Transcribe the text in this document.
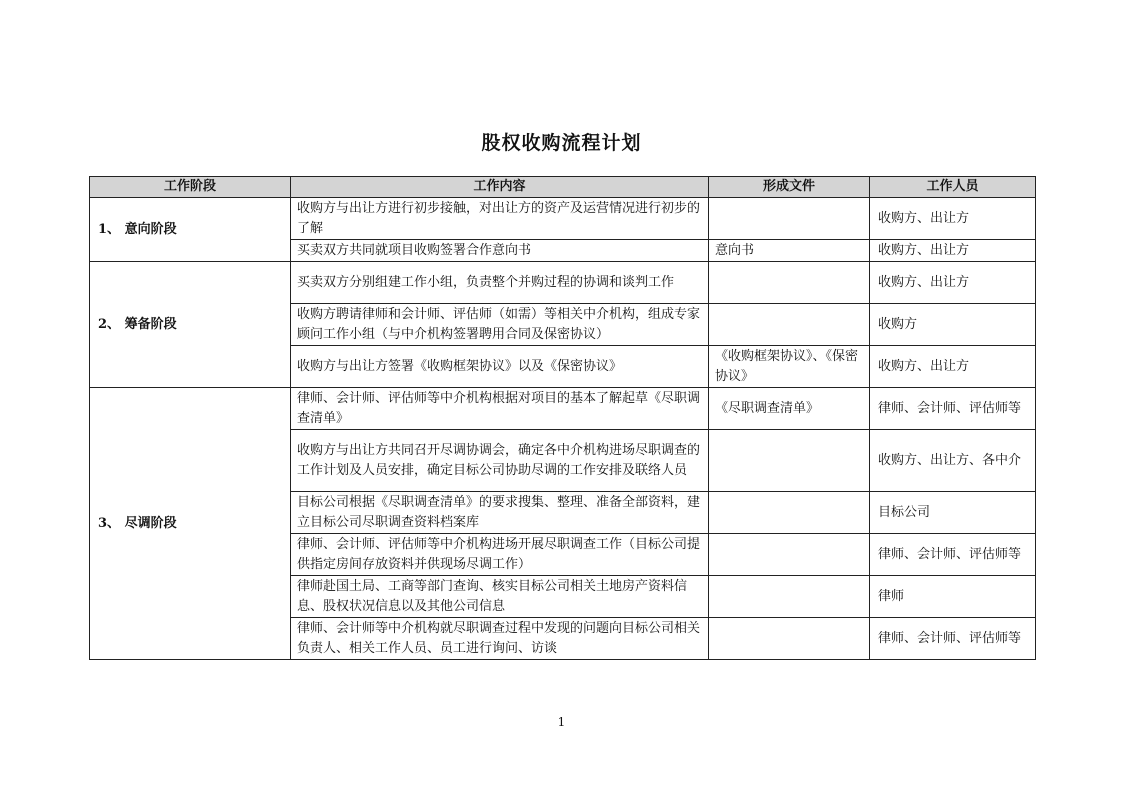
股权收购流程计划
工作阶段	工作内容	形成文件	工作人员
1、 意向阶段	收购方与出让方进行初步接触，对出让方的资产及运营情况进行初步的了解		收购方、出让方
	买卖双方共同就项目收购签署合作意向书	意向书	收购方、出让方
2、 筹备阶段	买卖双方分别组建工作小组，负责整个并购过程的协调和谈判工作		收购方、出让方
	收购方聘请律师和会计师、评估师（如需）等相关中介机构，组成专家顾问工作小组（与中介机构签署聘用合同及保密协议）		收购方
	收购方与出让方签署《收购框架协议》以及《保密协议》	《收购框架协议》、《保密协议》	收购方、出让方
3、 尽调阶段	律师、会计师、评估师等中介机构根据对项目的基本了解起草《尽职调查清单》	《尽职调查清单》	律师、会计师、评估师等
	收购方与出让方共同召开尽调协调会，确定各中介机构进场尽职调查的工作计划及人员安排，确定目标公司协助尽调的工作安排及联络人员		收购方、出让方、各中介
	目标公司根据《尽职调查清单》的要求搜集、整理、准备全部资料，建立目标公司尽职调查资料档案库		目标公司
	律师、会计师、评估师等中介机构进场开展尽职调查工作（目标公司提供指定房间存放资料并供现场尽调工作）		律师、会计师、评估师等
	律师赴国土局、工商等部门查询、核实目标公司相关土地房产资料信息、股权状况信息以及其他公司信息		律师
	律师、会计师等中介机构就尽职调查过程中发现的问题向目标公司相关负责人、相关工作人员、员工进行询问、访谈		律师、会计师、评估师等
1
